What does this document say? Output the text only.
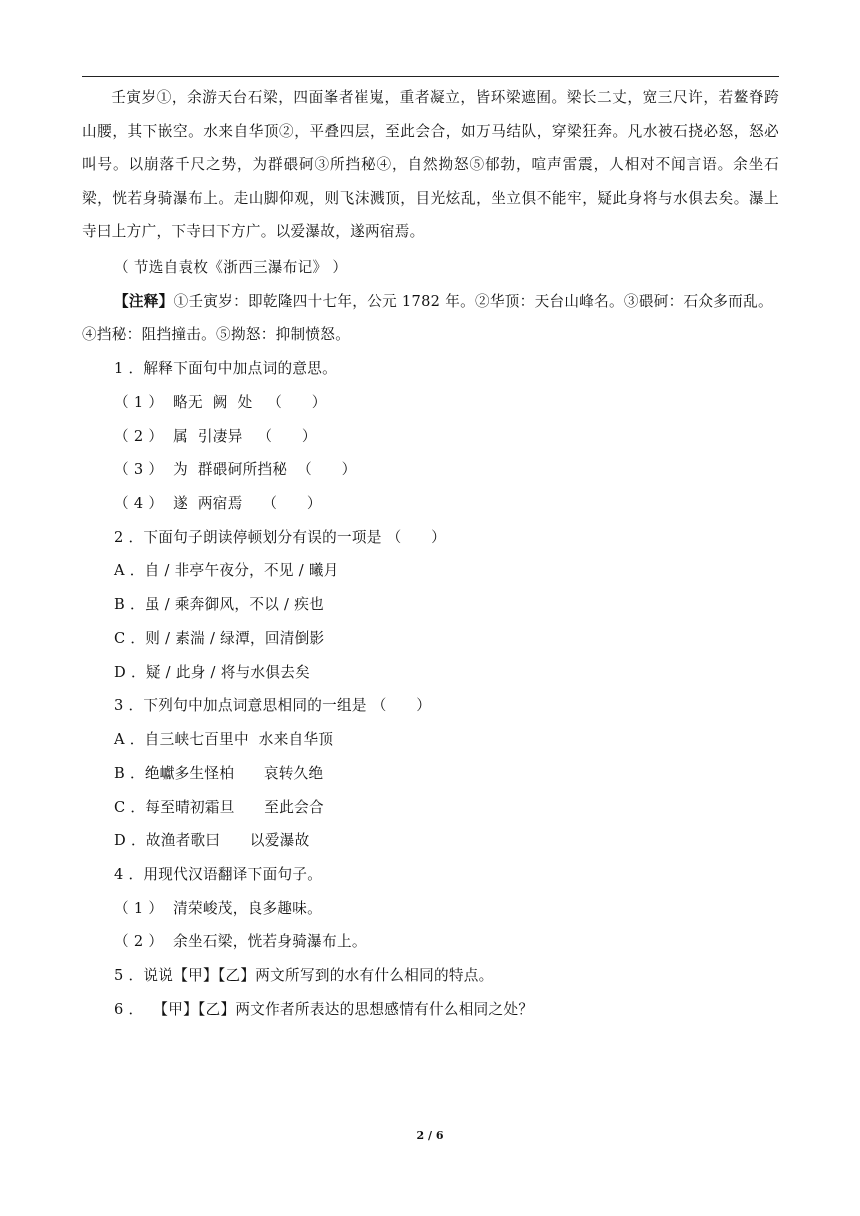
壬寅岁①，余游天台石梁，四面峯者崔嵬，重者凝立，皆环梁遮囿。梁长二丈，宽三尺许，若鳌脊跨山腰，其下嵌空。水来自华顶②，平叠四层，至此会合，如万马结队，穿梁狂奔。凡水被石挠必怒，怒必叫号。以崩落千尺之势，为群碨砢③所挡秘④，自然拗怒⑤郁勃，喧声雷震，人相对不闻言语。余坐石梁，恍若身骑瀑布上。走山脚仰观，则飞沫溅顶，目光炫乱，坐立俱不能牢，疑此身将与水俱去矣。瀑上寺曰上方广，下寺曰下方广。以爱瀑故，遂两宿焉。
（ 节选自袁枚《浙西三瀑布记》 ）
【注释】①壬寅岁：即乾隆四十七年，公元 1782 年。②华顶：天台山峰名。③碨砢：石众多而乱。
④挡秘：阻挡撞击。⑤拗怒：抑制愤怒。
1 ．解释下面句中加点词的意思。
（ 1 ）  略无  阙  处   （      ）
（ 2 ）  属  引凄异   （      ）
（ 3 ）  为  群碨砢所挡秘  （      ）
（ 4 ）  遂  两宿焉    （      ）
2 ．下面句子朗读停顿划分有误的一项是 （      ）
A ．自 / 非亭午夜分，不见 / 曦月
B ．虽 / 乘奔御风，不以 / 疾也
C ．则 / 素湍 / 绿潭，回清倒影
D ．疑 / 此身 / 将与水俱去矣
3 ．下列句中加点词意思相同的一组是 （      ）
A ．自三峡七百里中  水来自华顶
B ．绝巘多生怪柏      哀转久绝
C ．每至晴初霜旦      至此会合
D ．故渔者歌曰      以爱瀑故
4 ．用现代汉语翻译下面句子。
（ 1 ）  清荣峻茂，良多趣味。
（ 2 ）  余坐石梁，恍若身骑瀑布上。
5 ．说说【甲】【乙】两文所写到的水有什么相同的特点。
6 ．  【甲】【乙】两文作者所表达的思想感情有什么相同之处？
2 / 6
